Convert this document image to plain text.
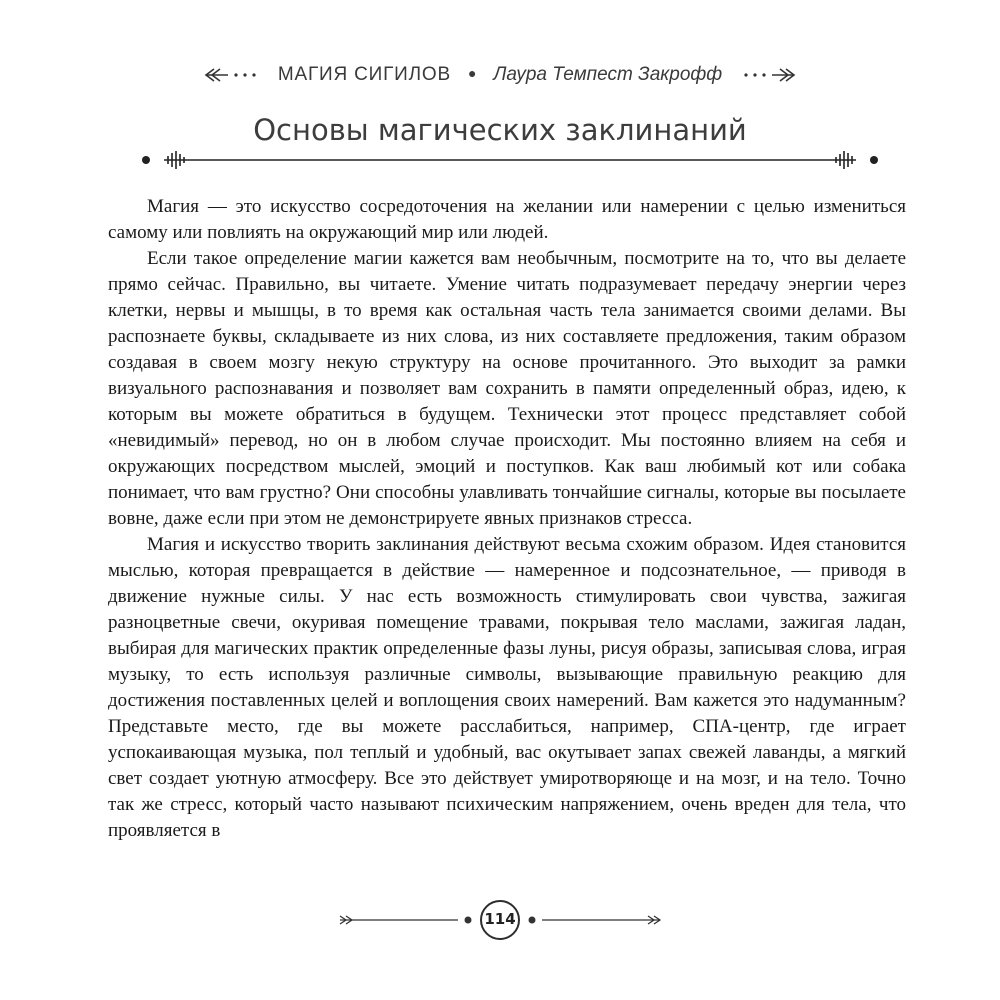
МАГИЯ СИГИЛОВ ● Лаура Темпест Закрофф
Основы магических заклинаний

Магия — это искусство сосредоточения на желании или намерении с целью измениться самому или повлиять на окружающий мир или людей.

Если такое определение магии кажется вам необычным, посмотрите на то, что вы делаете прямо сейчас. Правильно, вы читаете. Умение читать подразумевает передачу энергии через клетки, нервы и мышцы, в то время как остальная часть тела занимается своими делами. Вы распознаете буквы, складываете из них слова, из них составляете предложения, таким образом создавая в своем мозгу некую структуру на основе прочитанного. Это выходит за рамки визуального распознавания и позволяет вам сохранить в памяти определенный образ, идею, к которым вы можете обратиться в будущем. Технически этот процесс представляет собой «невидимый» перевод, но он в любом случае происходит. Мы постоянно влияем на себя и окружающих посредством мыслей, эмоций и поступков. Как ваш любимый кот или собака понимает, что вам грустно? Они способны улавливать тончайшие сигналы, которые вы посылаете вовне, даже если при этом не демонстрируете явных признаков стресса.

Магия и искусство творить заклинания действуют весьма схожим образом. Идея становится мыслью, которая превращается в действие — намеренное и подсознательное, — приводя в движение нужные силы. У нас есть возможность стимулировать свои чувства, зажигая разноцветные свечи, окуривая помещение травами, покрывая тело маслами, зажигая ладан, выбирая для магических практик определенные фазы луны, рисуя образы, записывая слова, играя музыку, то есть используя различные символы, вызывающие правильную реакцию для достижения поставленных целей и воплощения своих намерений. Вам кажется это надуманным? Представьте место, где вы можете расслабиться, например, СПА-центр, где играет успокаивающая музыка, пол теплый и удобный, вас окутывает запах свежей лаванды, а мягкий свет создает уютную атмосферу. Все это действует умиротворяюще и на мозг, и на тело. Точно так же стресс, который часто называют психическим напряжением, очень вреден для тела, что проявляется в

114
